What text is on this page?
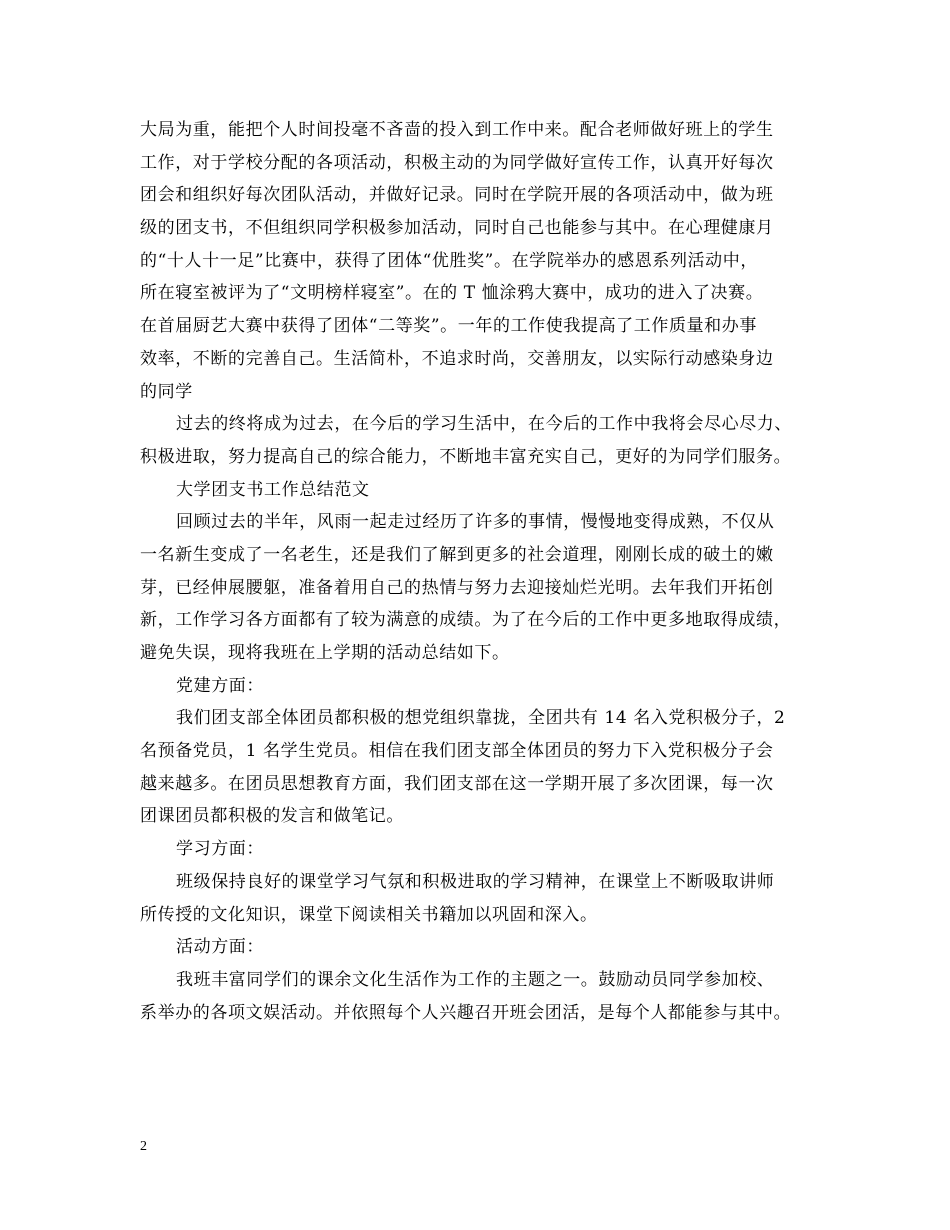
大局为重，能把个人时间投毫不吝啬的投入到工作中来。配合老师做好班上的学生
工作，对于学校分配的各项活动，积极主动的为同学做好宣传工作，认真开好每次
团会和组织好每次团队活动，并做好记录。同时在学院开展的各项活动中，做为班
级的团支书，不但组织同学积极参加活动，同时自己也能参与其中。在心理健康月
的“十人十一足”比赛中，获得了团体“优胜奖”。在学院举办的感恩系列活动中，
所在寝室被评为了“文明榜样寝室”。在的 T 恤涂鸦大赛中，成功的进入了决赛。
在首届厨艺大赛中获得了团体“二等奖”。一年的工作使我提高了工作质量和办事
效率，不断的完善自己。生活简朴，不追求时尚，交善朋友，以实际行动感染身边
的同学
过去的终将成为过去，在今后的学习生活中，在今后的工作中我将会尽心尽力、
积极进取，努力提高自己的综合能力，不断地丰富充实自己，更好的为同学们服务。
大学团支书工作总结范文
回顾过去的半年，风雨一起走过经历了许多的事情，慢慢地变得成熟，不仅从
一名新生变成了一名老生，还是我们了解到更多的社会道理，刚刚长成的破土的嫩
芽，已经伸展腰躯，准备着用自己的热情与努力去迎接灿烂光明。去年我们开拓创
新，工作学习各方面都有了较为满意的成绩。为了在今后的工作中更多地取得成绩，
避免失误，现将我班在上学期的活动总结如下。
党建方面：
我们团支部全体团员都积极的想党组织靠拢，全团共有 14 名入党积极分子，2
名预备党员，1 名学生党员。相信在我们团支部全体团员的努力下入党积极分子会
越来越多。在团员思想教育方面，我们团支部在这一学期开展了多次团课，每一次
团课团员都积极的发言和做笔记。
学习方面：
班级保持良好的课堂学习气氛和积极进取的学习精神，在课堂上不断吸取讲师
所传授的文化知识，课堂下阅读相关书籍加以巩固和深入。
活动方面：
我班丰富同学们的课余文化生活作为工作的主题之一。鼓励动员同学参加校、
系举办的各项文娱活动。并依照每个人兴趣召开班会团活，是每个人都能参与其中。
2
